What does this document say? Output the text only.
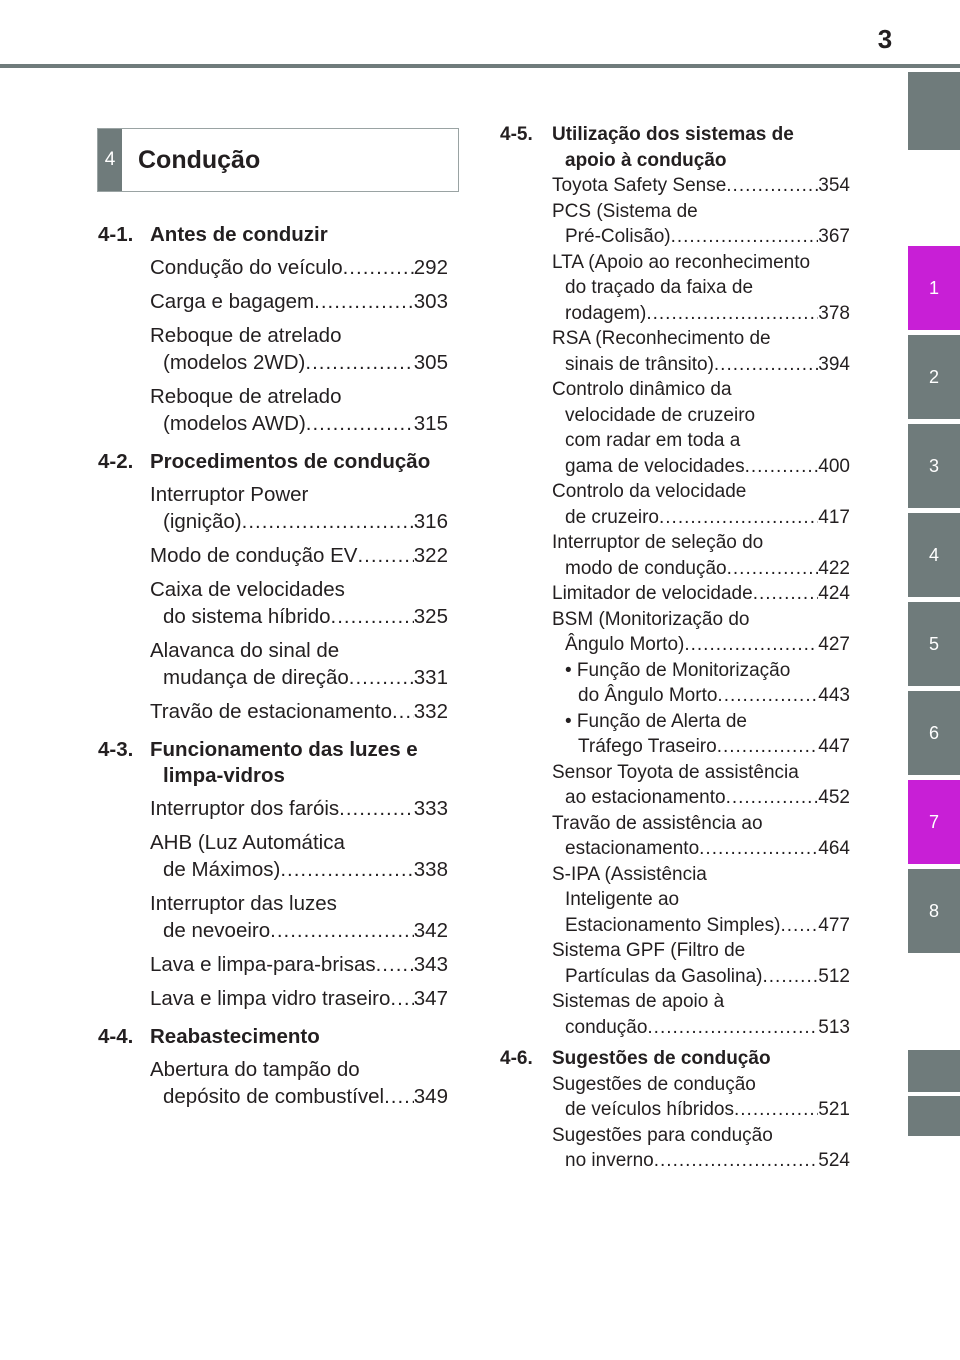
3
1
2
3
4
5
6
7
8
4 Condução
4-1. Antes de conduzir
Condução do veículo .....	292
Carga e bagagem .....	303
Reboque de atrelado
(modelos 2WD) .....	305
Reboque de atrelado
(modelos AWD) .....	315
4-2. Procedimentos de condução
Interruptor Power
(ignição) .....	316
Modo de condução EV .....	322
Caixa de velocidades
do sistema híbrido .....	325
Alavanca do sinal de
mudança de direção .....	331
Travão de estacionamento ..... 332
4-3. Funcionamento das luzes e
limpa-vidros
Interruptor dos faróis .....	333
AHB (Luz Automática
de Máximos) .....	338
Interruptor das luzes
de nevoeiro .....	342
Lava e limpa-para-brisas ..... 343
Lava e limpa vidro traseiro ..... 347
4-4. Reabastecimento
Abertura do tampão do
depósito de combustível ..... 349
4-5.	Utilização dos sistemas de
apoio à condução
Toyota Safety Sense .....	354
PCS (Sistema de
Pré-Colisão) .....	367
LTA (Apoio ao reconhecimento
do traçado da faixa de
rodagem) .....	378
RSA (Reconhecimento de
sinais de trânsito) .....	394
Controlo dinâmico da
velocidade de cruzeiro
com radar em toda a
gama de velocidades .....	400
Controlo da velocidade
de cruzeiro .....	417
Interruptor de seleção do
modo de condução .....	422
Limitador de velocidade .....	424
BSM (Monitorização do
Ângulo Morto) .....	427
• Função de Monitorização
do Ângulo Morto .....	443
• Função de Alerta de
Tráfego Traseiro .....	447
Sensor Toyota de assistência
ao estacionamento .....	452
Travão de assistência ao
estacionamento .....	464
S-IPA (Assistência
Inteligente ao
Estacionamento Simples) ..... 477
Sistema GPF (Filtro de
Partículas da Gasolina) .....	512
Sistemas de apoio à
condução .....	513
4-6.	Sugestões de condução
Sugestões de condução
de veículos híbridos .....	521
Sugestões para condução
no inverno .....	524
